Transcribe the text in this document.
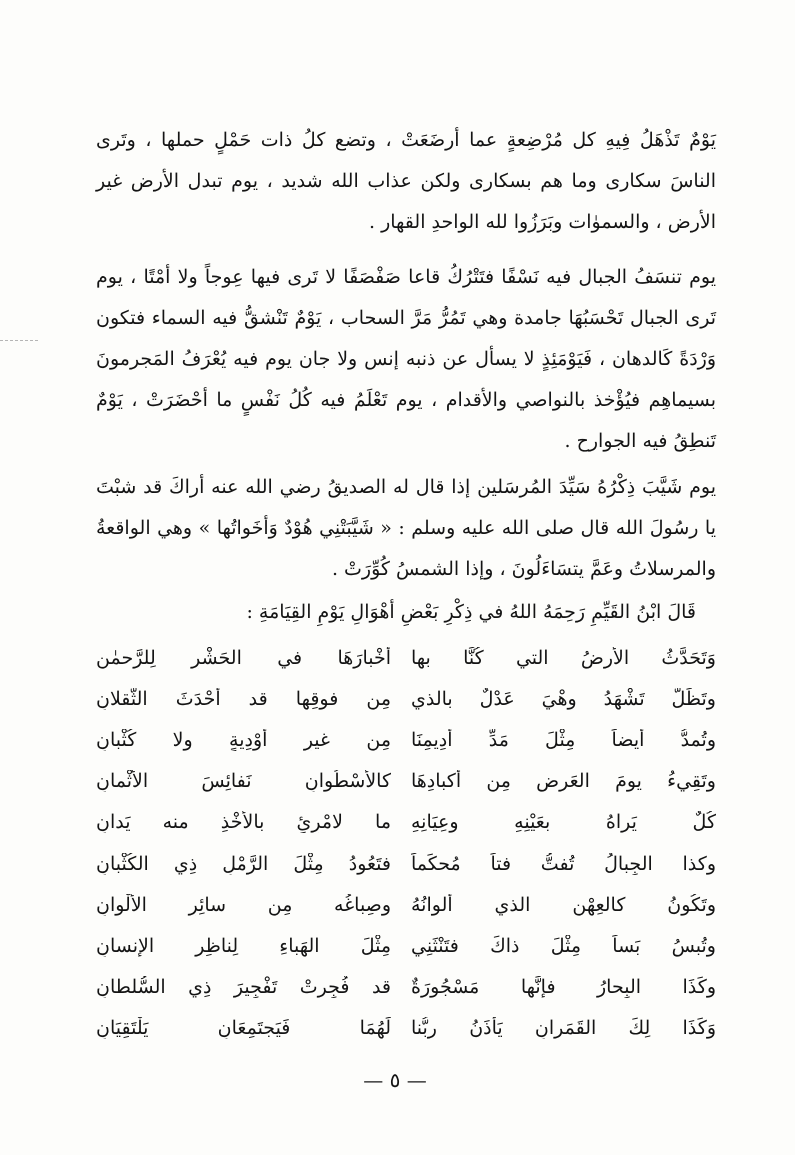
يَوْمٌ تَذْهَلُ فِيهِ كل مُرْضِعةٍ عما أرضَعَتْ ، وتضع كلُ ذات حَمْلٍ حملها ، وتَرى الناسَ سكارى وما هم بسكارى ولكن عذاب الله شديد ، يوم تبدل الأرض غير الأرض ، والسموٰات وبَرَزُوا لله الواحدِ القهار .

يوم تنسَفُ الجبال فيه نَسْفًا فتَتْرُكُ قاعا صَفْصَفًا لا تَرى فيها عِوجاً ولا أمْتًا ، يوم تَرى الجبال تَحْسَبُهَا جامدة وهي تَمُرُّ مَرَّ السحاب ، يَوْمٌ تَنْشقُّ فيه السماء فتكون وَرْدَةً كَالدهان ، فَيَوْمَئِذٍ لا يسأل عن ذنبه إنس ولا جان يوم فيه يُعْرَفُ المَجرمونَ بسيماهِم فيُؤْخذ بالنواصي والأقدام ، يوم تَعْلَمُ فيه كُلُ نَفْسٍ ما أحْضَرَتْ ، يَوْمٌ تَنطِقُ فيه الجوارح .

يوم شَيَّبَ ذِكْرُهُ سَيِّدَ المُرسَلين إذا قال له الصديقُ رضي الله عنه أراكَ قد شبْتَ يا رسُولَ الله قال صلى الله عليه وسلم : « شَيَّبَتْنِي هُوْدٌ وَأخَواتُها » وهي الواقعةُ والمرسلاتُ وعَمَّ يتسَاءَلُونَ ، وإذا الشمسُ كُوِّرَتْ .

قَالَ ابْنُ القَيِّمِ رَحِمَهُ اللهُ في ذِكْرِ بَعْضِ أهْوَالِ يَوْمِ القِيَامَةِ :
وَتَحَدَّثُ الأرضُ التي كُنَّا بها
أخْبارَهَا في الحَشْرِ لِلرَّحمٰنِ
وتَظَلُّ تَشْهَدُ وهْيَ عَدْلٌ بالذي
مِن فوقِها قد أحْدَثَ الثَّقلانِ
وتُمدُّ أيضاً مِثْلَ مَدِّ أدِيمِنَا
مِن غيرِ أوْدِيةٍ ولا كُثْبانِ
وتَقِيءُ يومَ العَرضِ مِن أكبادِهَا
كالأُسْطُوانِ نَفائِسَ الأثْمانِ
كُلٌ يَراهُ بعَيْنِهِ وعِيَانِهِ
ما لامْرِئٍ بالأخْذِ منه يَدانِ
وكذا الجِبالُ تُفتُّ فتاً مُحكَماً
فتَعُودُ مِثْلَ الرَّمْلِ ذِي الكُثْبانِ
وتَكُونُ كالعِهْنِ الذي ألوانُهُ
وصِباغُه مِن سائِرِ الألْوانِ
وتُبسُ بَساً مِثْلَ ذاكَ فتَنْثَنِي
مِثْلَ الهَباءِ لِناظِرِ الإنسانِ
وكَذَا البِحارُ فإنَّها مَسْجُورَةٌ
قد فُجِرتْ تَفْجِيرَ ذِي السُّلطانِ
وَكَذَا لِكَ القَمَرانِ يَأذَنُ ربُّنا
لَهُمَا فَيَجتَمِعَانِ يَلْتَقِيَانِ
— ٥ —
